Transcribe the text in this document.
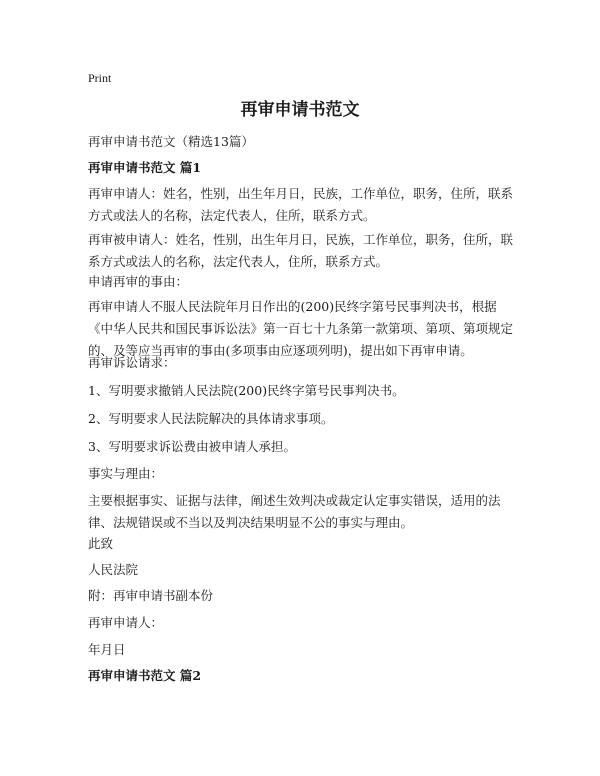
Print
再审申请书范文
再审申请书范文（精选13篇）
再审申请书范文 篇1
再审申请人：姓名，性别，出生年月日，民族，工作单位，职务，住所，联系方式或法人的名称，法定代表人，住所，联系方式。
再审被申请人：姓名，性别，出生年月日，民族，工作单位，职务，住所，联系方式或法人的名称，法定代表人，住所，联系方式。
申请再审的事由：
再审申请人不服人民法院年月日作出的(200)民终字第号民事判决书，根据《中华人民共和国民事诉讼法》第一百七十九条第一款第项、第项、第项规定的、及等应当再审的事由(多项事由应逐项列明)，提出如下再审申请。
再审诉讼请求：
1、写明要求撤销人民法院(200)民终字第号民事判决书。
2、写明要求人民法院解决的具体请求事项。
3、写明要求诉讼费由被申请人承担。
事实与理由：
主要根据事实、证据与法律，阐述生效判决或裁定认定事实错误，适用的法律、法规错误或不当以及判决结果明显不公的事实与理由。
此致
人民法院
附：再审申请书副本份
再审申请人：
年月日
再审申请书范文 篇2
